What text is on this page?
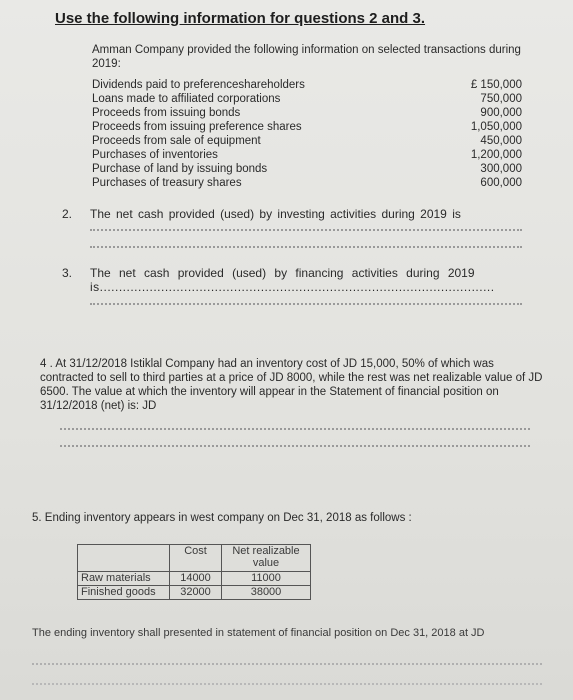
Use the following information for questions 2 and 3.
Amman Company provided the following information on selected transactions during 2019:
Dividends paid to preferenceshareholders	£ 150,000
Loans made to affiliated corporations	750,000
Proceeds from issuing bonds	900,000
Proceeds from issuing preference shares	1,050,000
Proceeds from sale of equipment	450,000
Purchases of inventories	1,200,000
Purchase of land by issuing bonds	300,000
Purchases of treasury shares	600,000
2. The net cash provided (used) by investing activities during 2019 is
3. The net cash provided (used) by financing activities during 2019
is.......................................................................................................
4 . At 31/12/2018 Istiklal Company had an inventory cost of JD 15,000, 50% of which was contracted to sell to third parties at a price of JD 8000, while the rest was net realizable value of JD 6500. The value at which the inventory will appear in the Statement of financial position on 31/12/2018 (net) is: JD
5. Ending inventory appears in west company on Dec 31, 2018 as follows :
	Cost	Net realizable value
Raw materials	14000	11000
Finished goods	32000	38000
The ending inventory shall presented in statement of financial position on Dec 31, 2018 at JD
